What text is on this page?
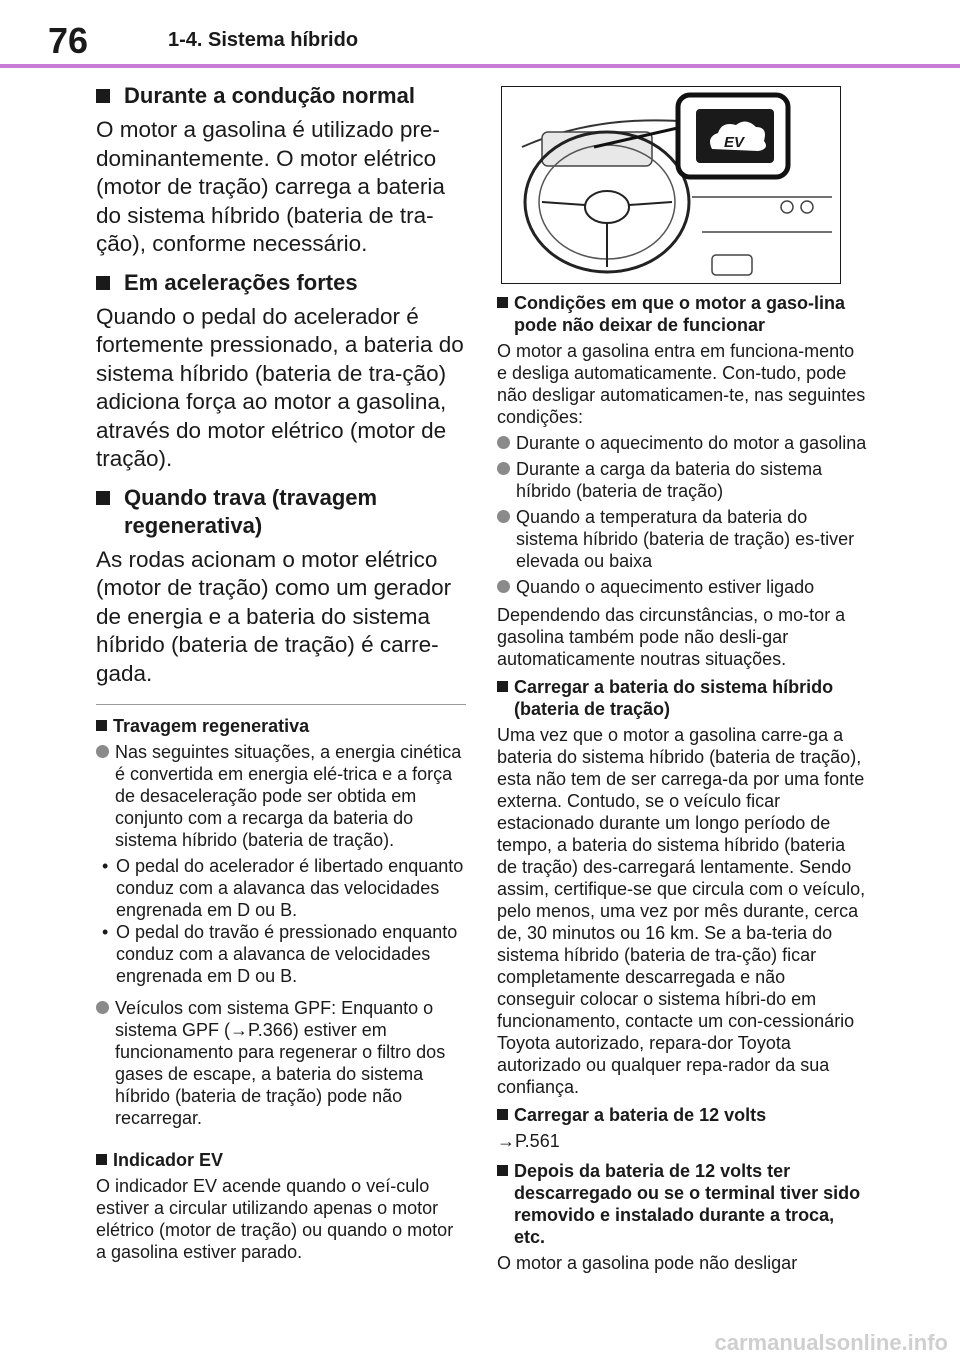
76	1-4. Sistema híbrido
Durante a condução normal

O motor a gasolina é utilizado pre-dominantemente. O motor elétrico (motor de tração) carrega a bateria do sistema híbrido (bateria de tra-ção), conforme necessário.

Em acelerações fortes

Quando o pedal do acelerador é fortemente pressionado, a bateria do sistema híbrido (bateria de tra-ção) adiciona força ao motor a gasolina, através do motor elétrico (motor de tração).

Quando trava (travagem regenerativa)

As rodas acionam o motor elétrico (motor de tração) como um gerador de energia e a bateria do sistema híbrido (bateria de tração) é carre-gada.

Travagem regenerativa
Nas seguintes situações, a energia cinética é convertida em energia elé-trica e a força de desaceleração pode ser obtida em conjunto com a recarga da bateria do sistema híbrido (bateria de tração).
• O pedal do acelerador é libertado enquanto conduz com a alavanca das velocidades engrenada em D ou B.
• O pedal do travão é pressionado enquanto conduz com a alavanca de velocidades engrenada em D ou B.
Veículos com sistema GPF: Enquanto o sistema GPF (→P.366) estiver em funcionamento para regenerar o filtro dos gases de escape, a bateria do sistema híbrido (bateria de tração) pode não recarregar.
Indicador EV

O indicador EV acende quando o veí-culo estiver a circular utilizando apenas o motor elétrico (motor de tração) ou quando o motor a gasolina estiver parado.

EV
Condições em que o motor a gaso-lina pode não deixar de funcionar

O motor a gasolina entra em funciona-mento e desliga automaticamente. Con-tudo, pode não desligar automaticamen-te, nas seguintes condições:

Durante o aquecimento do motor a gasolina
Durante a carga da bateria do sistema híbrido (bateria de tração)
Quando a temperatura da bateria do sistema híbrido (bateria de tração) es-tiver elevada ou baixa
Quando o aquecimento estiver ligado

Dependendo das circunstâncias, o mo-tor a gasolina também pode não desli-gar automaticamente noutras situações.

Carregar a bateria do sistema híbrido (bateria de tração)

Uma vez que o motor a gasolina carre-ga a bateria do sistema híbrido (bateria de tração), esta não tem de ser carrega-da por uma fonte externa. Contudo, se o veículo ficar estacionado durante um longo período de tempo, a bateria do sistema híbrido (bateria de tração) des-carregará lentamente. Sendo assim, certifique-se que circula com o veículo, pelo menos, uma vez por mês durante, cerca de, 30 minutos ou 16 km. Se a ba-teria do sistema híbrido (bateria de tra-ção) ficar completamente descarregada e não conseguir colocar o sistema híbri-do em funcionamento, contacte um con-cessionário Toyota autorizado, repara-dor Toyota autorizado ou qualquer repa-rador da sua confiança.

Carregar a bateria de 12 volts

→P.561

Depois da bateria de 12 volts ter descarregado ou se o terminal tiver sido removido e instalado durante a troca, etc.

O motor a gasolina pode não desligar

carmanualsonline.info
